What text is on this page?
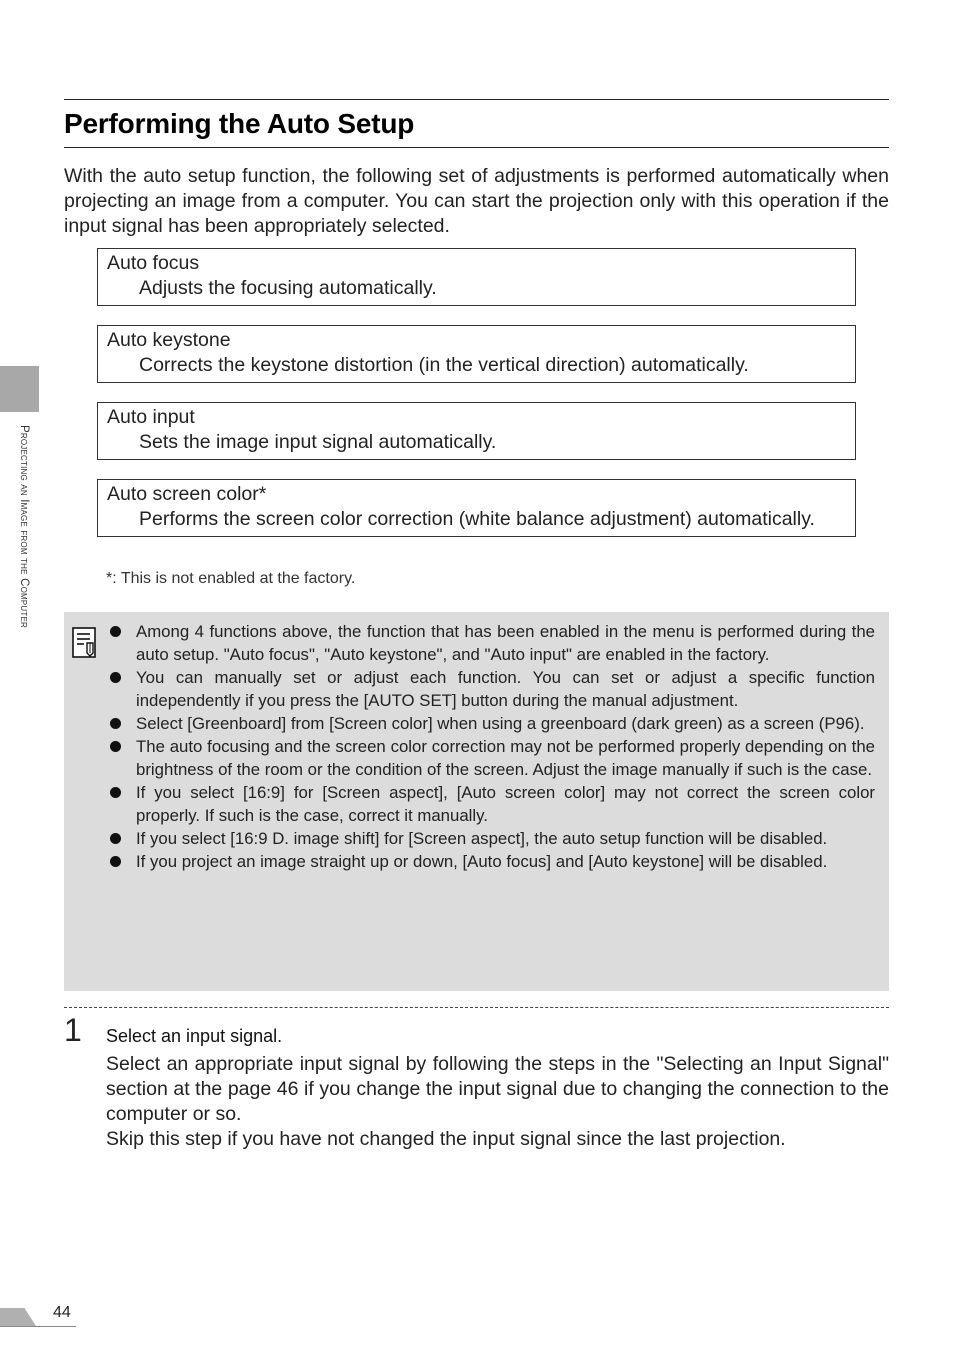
Performing the Auto Setup

With the auto setup function, the following set of adjustments is performed automatically when projecting an image from a computer. You can start the projection only with this operation if the input signal has been appropriately selected.

Auto focus
Adjusts the focusing automatically.
Auto keystone
Corrects the keystone distortion (in the vertical direction) automatically.
Auto input
Sets the image input signal automatically.
Auto screen color*
Performs the screen color correction (white balance adjustment) automatically.
*: This is not enabled at the factory.
Among 4 functions above, the function that has been enabled in the menu is performed during the auto setup. "Auto focus", "Auto keystone", and "Auto input" are enabled in the factory.
You can manually set or adjust each function. You can set or adjust a specific function independently if you press the [AUTO SET] button during the manual adjustment.
Select [Greenboard] from [Screen color] when using a greenboard (dark green) as a screen (P96).
The auto focusing and the screen color correction may not be performed properly depending on the brightness of the room or the condition of the screen. Adjust the image manually if such is the case.
If you select [16:9] for [Screen aspect], [Auto screen color] may not correct the screen color properly. If such is the case, correct it manually.
If you select [16:9 D. image shift] for [Screen aspect], the auto setup function will be disabled.
If you project an image straight up or down, [Auto focus] and [Auto keystone] will be disabled.
1 Select an input signal.

Select an appropriate input signal by following the steps in the "Selecting an Input Signal" section at the page 46 if you change the input signal due to changing the connection to the computer or so.

Skip this step if you have not changed the input signal since the last projection.

Projecting an Image from the Computer
44
